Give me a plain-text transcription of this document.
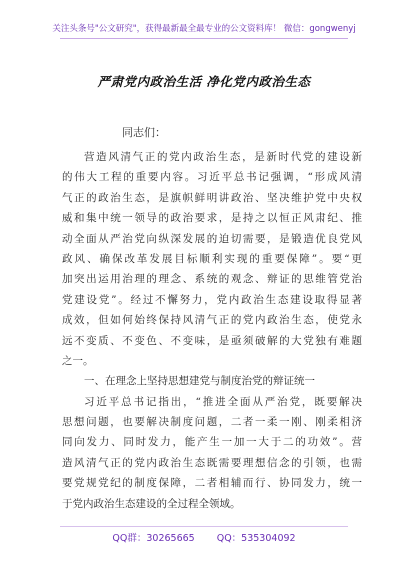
关注头条号"公文研究"，获得最新最全最专业的公文资料库！ 微信：gongwenyj
严肃党内政治生活 净化党内政治生态
同志们：
营造风清气正的党内政治生态，是新时代党的建设新
的伟大工程的重要内容。习近平总书记强调，“形成风清
气正的政治生态，是旗帜鲜明讲政治、坚决维护党中央权
威和集中统一领导的政治要求，是持之以恒正风肃纪、推
动全面从严治党向纵深发展的迫切需要，是锻造优良党风
政风、确保改革发展目标顺利实现的重要保障”。要“更
加突出运用治理的理念、系统的观念、辩证的思维管党治
党建设党”。经过不懈努力，党内政治生态建设取得显著
成效，但如何始终保持风清气正的党内政治生态，使党永
远不变质、不变色、不变味，是亟须破解的大党独有难题
之一。
一、在理念上坚持思想建党与制度治党的辩证统一
习近平总书记指出，“推进全面从严治党，既要解决
思想问题，也要解决制度问题，二者一柔一刚、刚柔相济
同向发力、同时发力，能产生一加一大于二的功效”。营
造风清气正的党内政治生态既需要理想信念的引领，也需
要党规党纪的制度保障，二者相辅而行、协同发力，统一
于党内政治生态建设的全过程全领域。
QQ群：30265665 QQ：535304092
